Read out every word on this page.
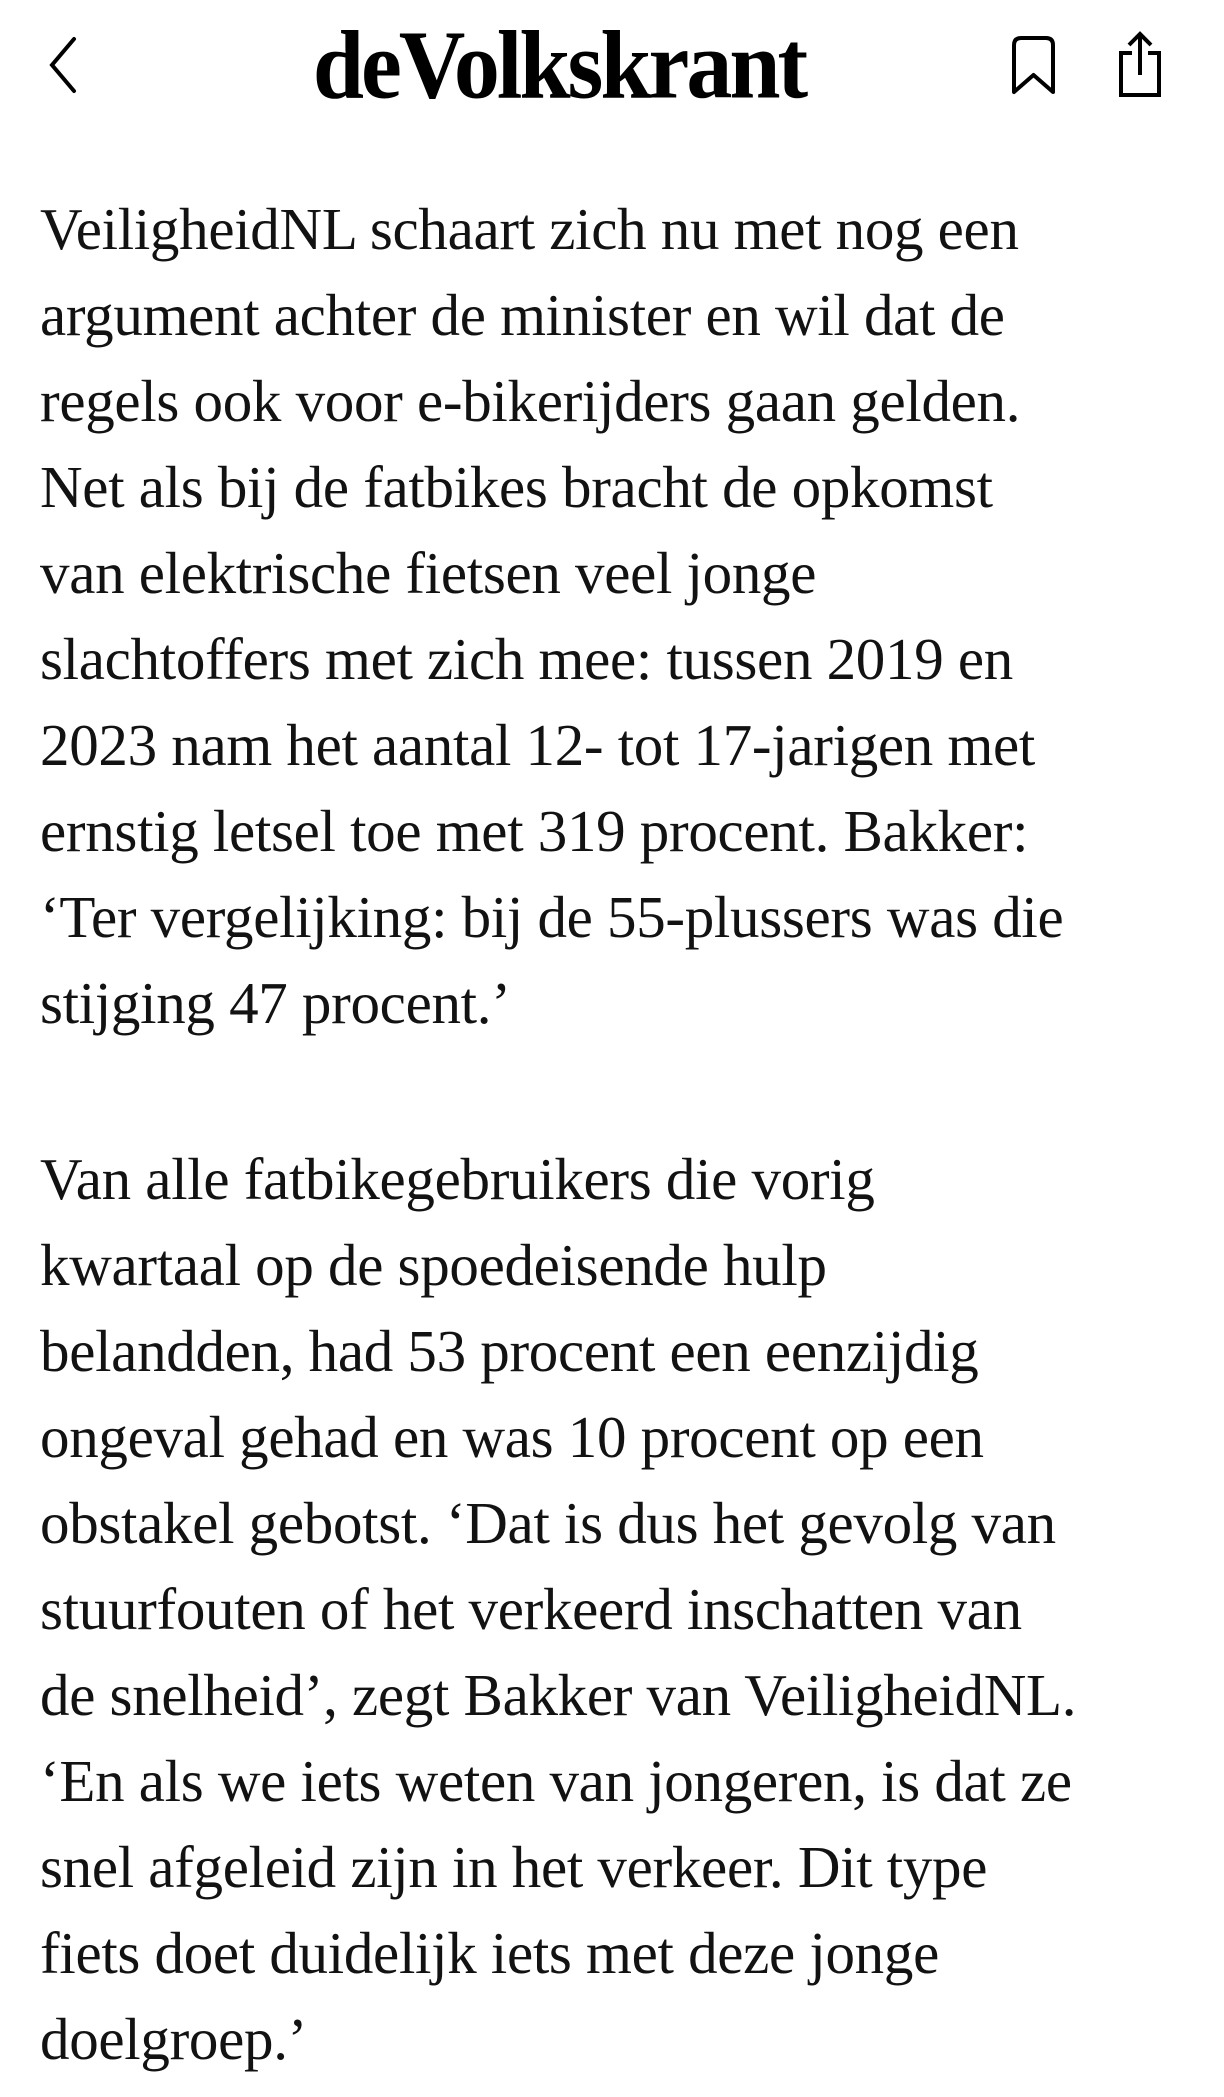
deVolkskrant

VeiligheidNL schaart zich nu met nog een
argument achter de minister en wil dat de
regels ook voor e-bikerijders gaan gelden.
Net als bij de fatbikes bracht de opkomst
van elektrische fietsen veel jonge
slachtoffers met zich mee: tussen 2019 en
2023 nam het aantal 12- tot 17-jarigen met
ernstig letsel toe met 319 procent. Bakker:
‘Ter vergelijking: bij de 55-plussers was die
stijging 47 procent.’

Van alle fatbikegebruikers die vorig
kwartaal op de spoedeisende hulp
belandden, had 53 procent een eenzijdig
ongeval gehad en was 10 procent op een
obstakel gebotst. ‘Dat is dus het gevolg van
stuurfouten of het verkeerd inschatten van
de snelheid’, zegt Bakker van VeiligheidNL.
‘En als we iets weten van jongeren, is dat ze
snel afgeleid zijn in het verkeer. Dit type
fiets doet duidelijk iets met deze jonge
doelgroep.’
